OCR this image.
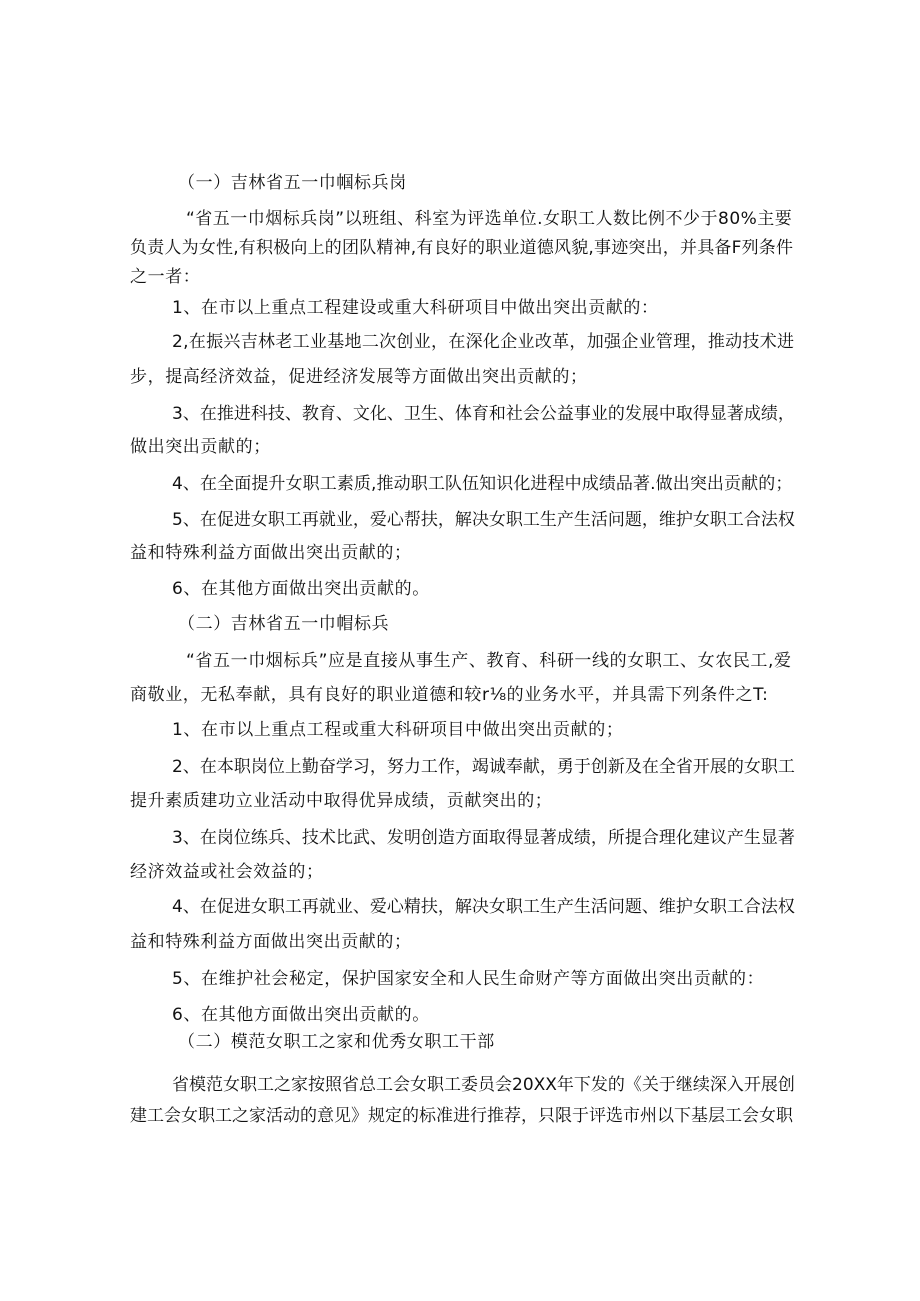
（一）吉林省五一巾帼标兵岗
“省五一巾烟标兵岗”以班组、科室为评选单位.女职工人数比例不少于80%主要
负责人为女性,有积极向上的团队精神,有良好的职业道德风貌,事迹突出，并具备F列条件
之一者：
1、在市以上重点工程建设或重大科研项目中做出突出贡献的：
2,在振兴吉林老工业基地二次创业，在深化企业改革，加强企业管理，推动技术进
步，提高经济效益，促进经济发展等方面做出突出贡献的；
3、在推进科技、教育、文化、卫生、体育和社会公益事业的发展中取得显著成绩，
做出突出贡献的；
4、在全面提升女职工素质,推动职工队伍知识化进程中成绩品著.做出突出贡献的；
5、在促进女职工再就业，爱心帮扶，解决女职工生产生活问题，维护女职工合法权
益和特殊利益方面做出突出贡献的；
6、在其他方面做出突出贡献的。
（二）吉林省五一巾帽标兵
“省五一巾烟标兵”应是直接从事生产、教育、科研一线的女职工、女农民工,爱
商敬业，无私奉献，具有良好的职业道德和较r⅛的业务水平，并具需下列条件之T:
1、在市以上重点工程或重大科研项目中做出突出贡献的；
2、在本职岗位上勤奋学习，努力工作，竭诚奉献，勇于创新及在全省开展的女职工
提升素质建功立业活动中取得优异成绩，贡献突出的；
3、在岗位练兵、技术比武、发明创造方面取得显著成绩，所提合理化建议产生显著
经济效益或社会效益的；
4、在促进女职工再就业、爱心精扶，解决女职工生产生活问题、维护女职工合法权
益和特殊利益方面做出突出贡献的；
5、在维护社会秘定，保护国家安全和人民生命财产等方面做出突出贡献的：
6、在其他方面做出突出贡献的。
（二）模范女职工之家和优秀女职工干部
省模范女职工之家按照省总工会女职工委员会20XX年下发的《关于继续深入开展创
建工会女职工之家活动的意见》规定的标准进行推荐，只限于评选市州以下基层工会女职
